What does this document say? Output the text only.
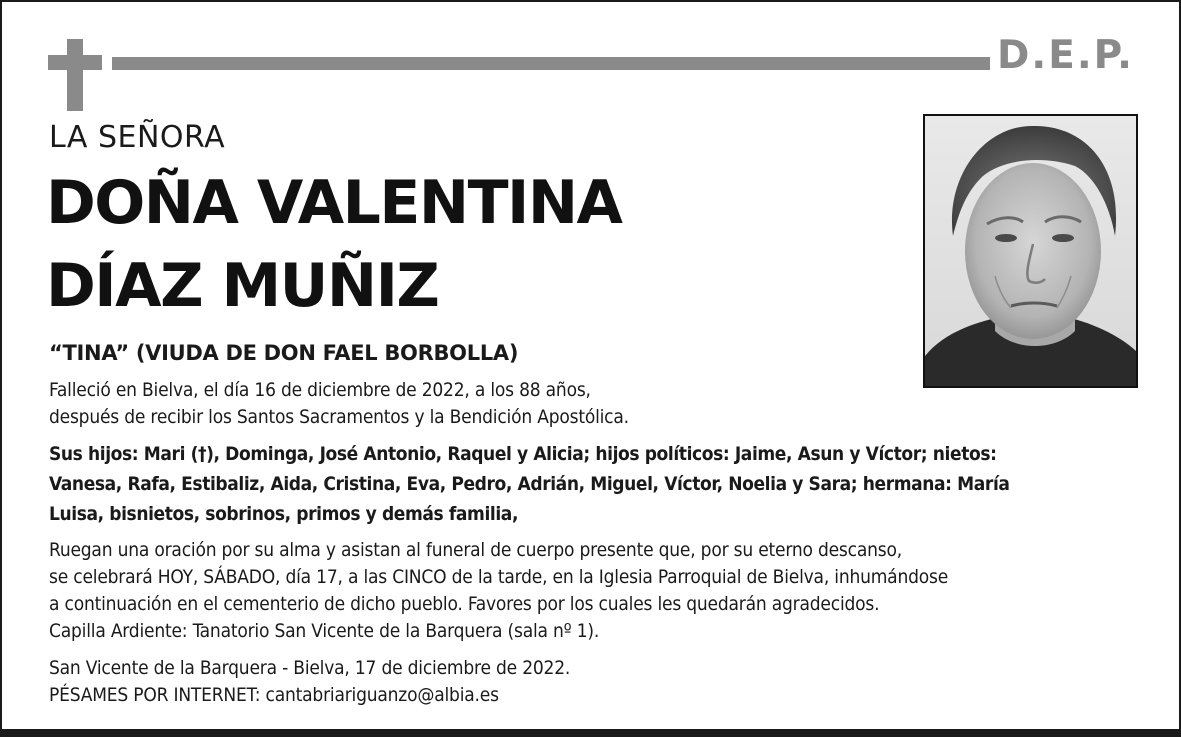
D.E.P.
LA SEÑORA
DOÑA VALENTINA
DÍAZ MUÑIZ
“TINA” (VIUDA DE DON FAEL BORBOLLA)
Falleció en Bielva, el día 16 de diciembre de 2022, a los 88 años,
después de recibir los Santos Sacramentos y la Bendición Apostólica.
Sus hijos: Mari (†), Dominga, José Antonio, Raquel y Alicia; hijos políticos: Jaime, Asun y Víctor; nietos:
Vanesa, Rafa, Estibaliz, Aida, Cristina, Eva, Pedro, Adrián, Miguel, Víctor, Noelia y Sara; hermana: María
Luisa, bisnietos, sobrinos, primos y demás familia,
Ruegan una oración por su alma y asistan al funeral de cuerpo presente que, por su eterno descanso,
se celebrará HOY, SÁBADO, día 17, a las CINCO de la tarde, en la Iglesia Parroquial de Bielva, inhumándose
a continuación en el cementerio de dicho pueblo. Favores por los cuales les quedarán agradecidos.
Capilla Ardiente: Tanatorio San Vicente de la Barquera (sala nº 1).
San Vicente de la Barquera - Bielva, 17 de diciembre de 2022.
PÉSAMES POR INTERNET: cantabriariguanzo@albia.es
